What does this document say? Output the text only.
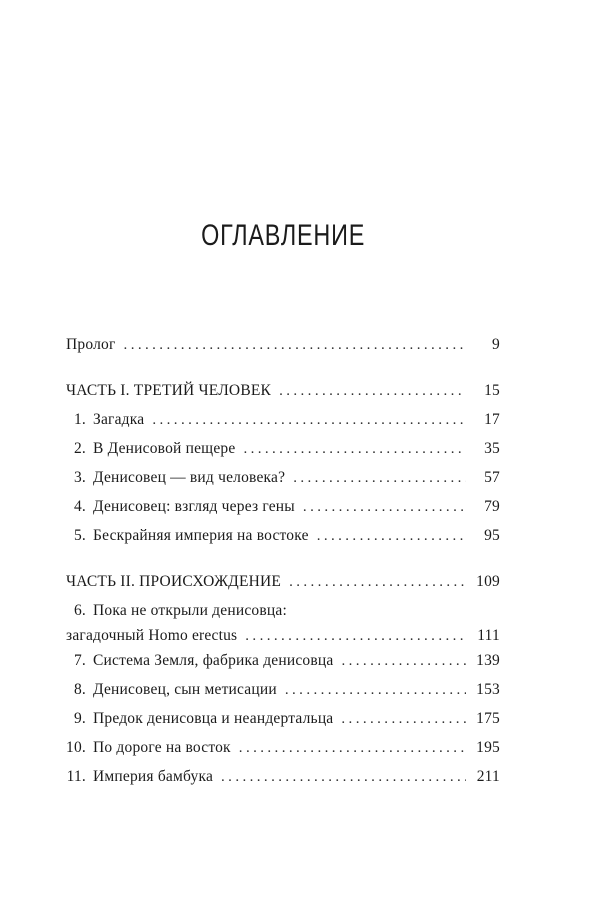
ОГЛАВЛЕНИЕ
Пролог .....	9
ЧАСТЬ I. ТРЕТИЙ ЧЕЛОВЕК .....	15
1. Загадка .....	17
2. В Денисовой пещере .....	35
3. Денисовец — вид человека? .....	57
4. Денисовец: взгляд через гены .....	79
5. Бескрайняя империя на востоке .....	95
ЧАСТЬ II. ПРОИСХОЖДЕНИЕ .....	109
6. Пока не открыли денисовца:
загадочный Homo erectus .....	111
7. Система Земля, фабрика денисовца .....	139
8. Денисовец, сын метисации .....	153
9. Предок денисовца и неандертальца .....	175
10. По дороге на восток .....	195
11. Империя бамбука .....	211
